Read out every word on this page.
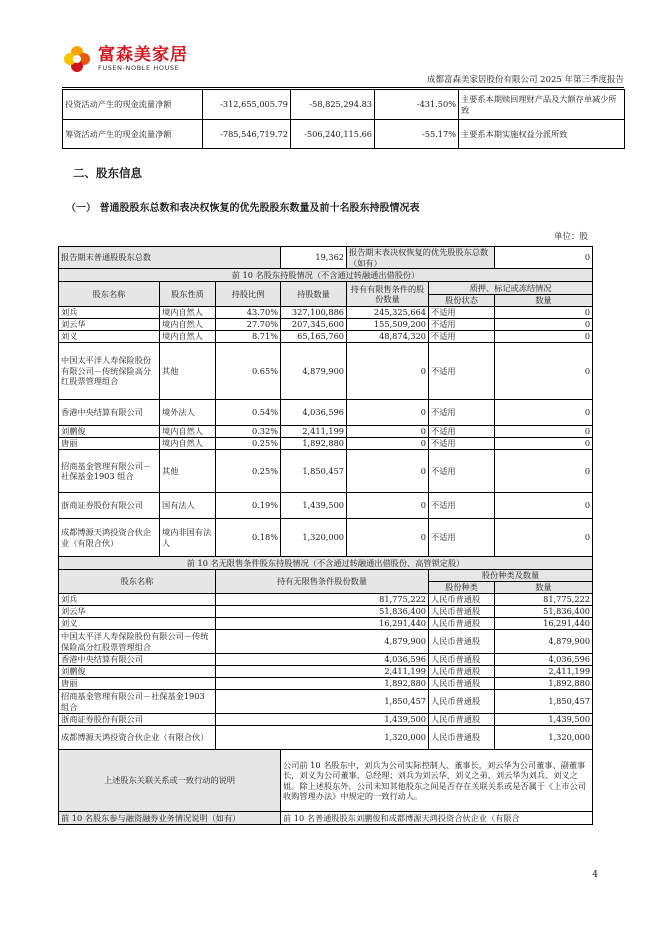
富森美家居
FUSEN-NOBLE HOUSE
成都富森美家居股份有限公司 2025 年第三季度报告
投资活动产生的现金流量净额	-312,655,005.79	-58,825,294.83	-431.50%	主要系本期赎回理财产品及大额存单减少所致
筹资活动产生的现金流量净额	-785,546,719.72	-506,240,115.66	-55.17%	主要系本期实施权益分派所致
二、股东信息
（一） 普通股股东总数和表决权恢复的优先股股东数量及前十名股东持股情况表
单位：股
报告期末普通股股东总数			19,362	报告期末表决权恢复的优先股股东总数（如有）		0
前 10 名股东持股情况（不含通过转融通出借股份）						
股东名称	股东性质	持股比例	持股数量	持有有限售条件的股份数量	质押、标记或冻结情况	
					股份状态	数量
刘兵	境内自然人	43.70%	327,100,886	245,325,664	不适用	0
刘云华	境内自然人	27.70%	207,345,600	155,509,200	不适用	0
刘义	境内自然人	8.71%	65,165,760	48,874,320	不适用	0
中国太平洋人寿保险股份有限公司－传统保险高分红股票管理组合	其他	0.65%	4,879,900	0	不适用	0
香港中央结算有限公司	境外法人	0.54%	4,036,596	0	不适用	0
刘鹏俊	境内自然人	0.32%	2,411,199	0	不适用	0
唐丽	境内自然人	0.25%	1,892,880	0	不适用	0
招商基金管理有限公司－社保基金1903 组合	其他	0.25%	1,850,457	0	不适用	0
浙商证券股份有限公司	国有法人	0.19%	1,439,500	0	不适用	0
成都博源天鸿投资合伙企业（有限合伙）	境内非国有法人	0.18%	1,320,000	0	不适用	0
前 10 名无限售条件股东持股情况（不含通过转融通出借股份、高管锁定股）						
股东名称		持有无限售条件股份数量			股份种类及数量	
					股份种类	数量
刘兵		81,775,222			人民币普通股	81,775,222
刘云华		51,836,400			人民币普通股	51,836,400
刘义		16,291,440			人民币普通股	16,291,440
中国太平洋人寿保险股份有限公司－传统保险高分红股票管理组合		4,879,900			人民币普通股	4,879,900
香港中央结算有限公司		4,036,596			人民币普通股	4,036,596
刘鹏俊		2,411,199			人民币普通股	2,411,199
唐丽		1,892,880			人民币普通股	1,892,880
招商基金管理有限公司－社保基金1903 组合		1,850,457			人民币普通股	1,850,457
浙商证券股份有限公司		1,439,500			人民币普通股	1,439,500
成都博源天鸿投资合伙企业（有限合伙）		1,320,000			人民币普通股	1,320,000
上述股东关联关系或一致行动的说明			公司前 10 名股东中，刘兵为公司实际控制人、董事长，刘云华为公司董事、副董事长，刘义为公司董事、总经理；刘兵为刘云华、刘义之弟，刘云华为刘兵、刘义之姐。除上述股东外，公司未知其他股东之间是否存在关联关系或是否属于《上市公司收购管理办法》中规定的一致行动人。			
前 10 名股东参与融资融券业务情况说明（如有）			前 10 名普通股股东刘鹏俊和成都博源天鸿投资合伙企业（有限合			
4
